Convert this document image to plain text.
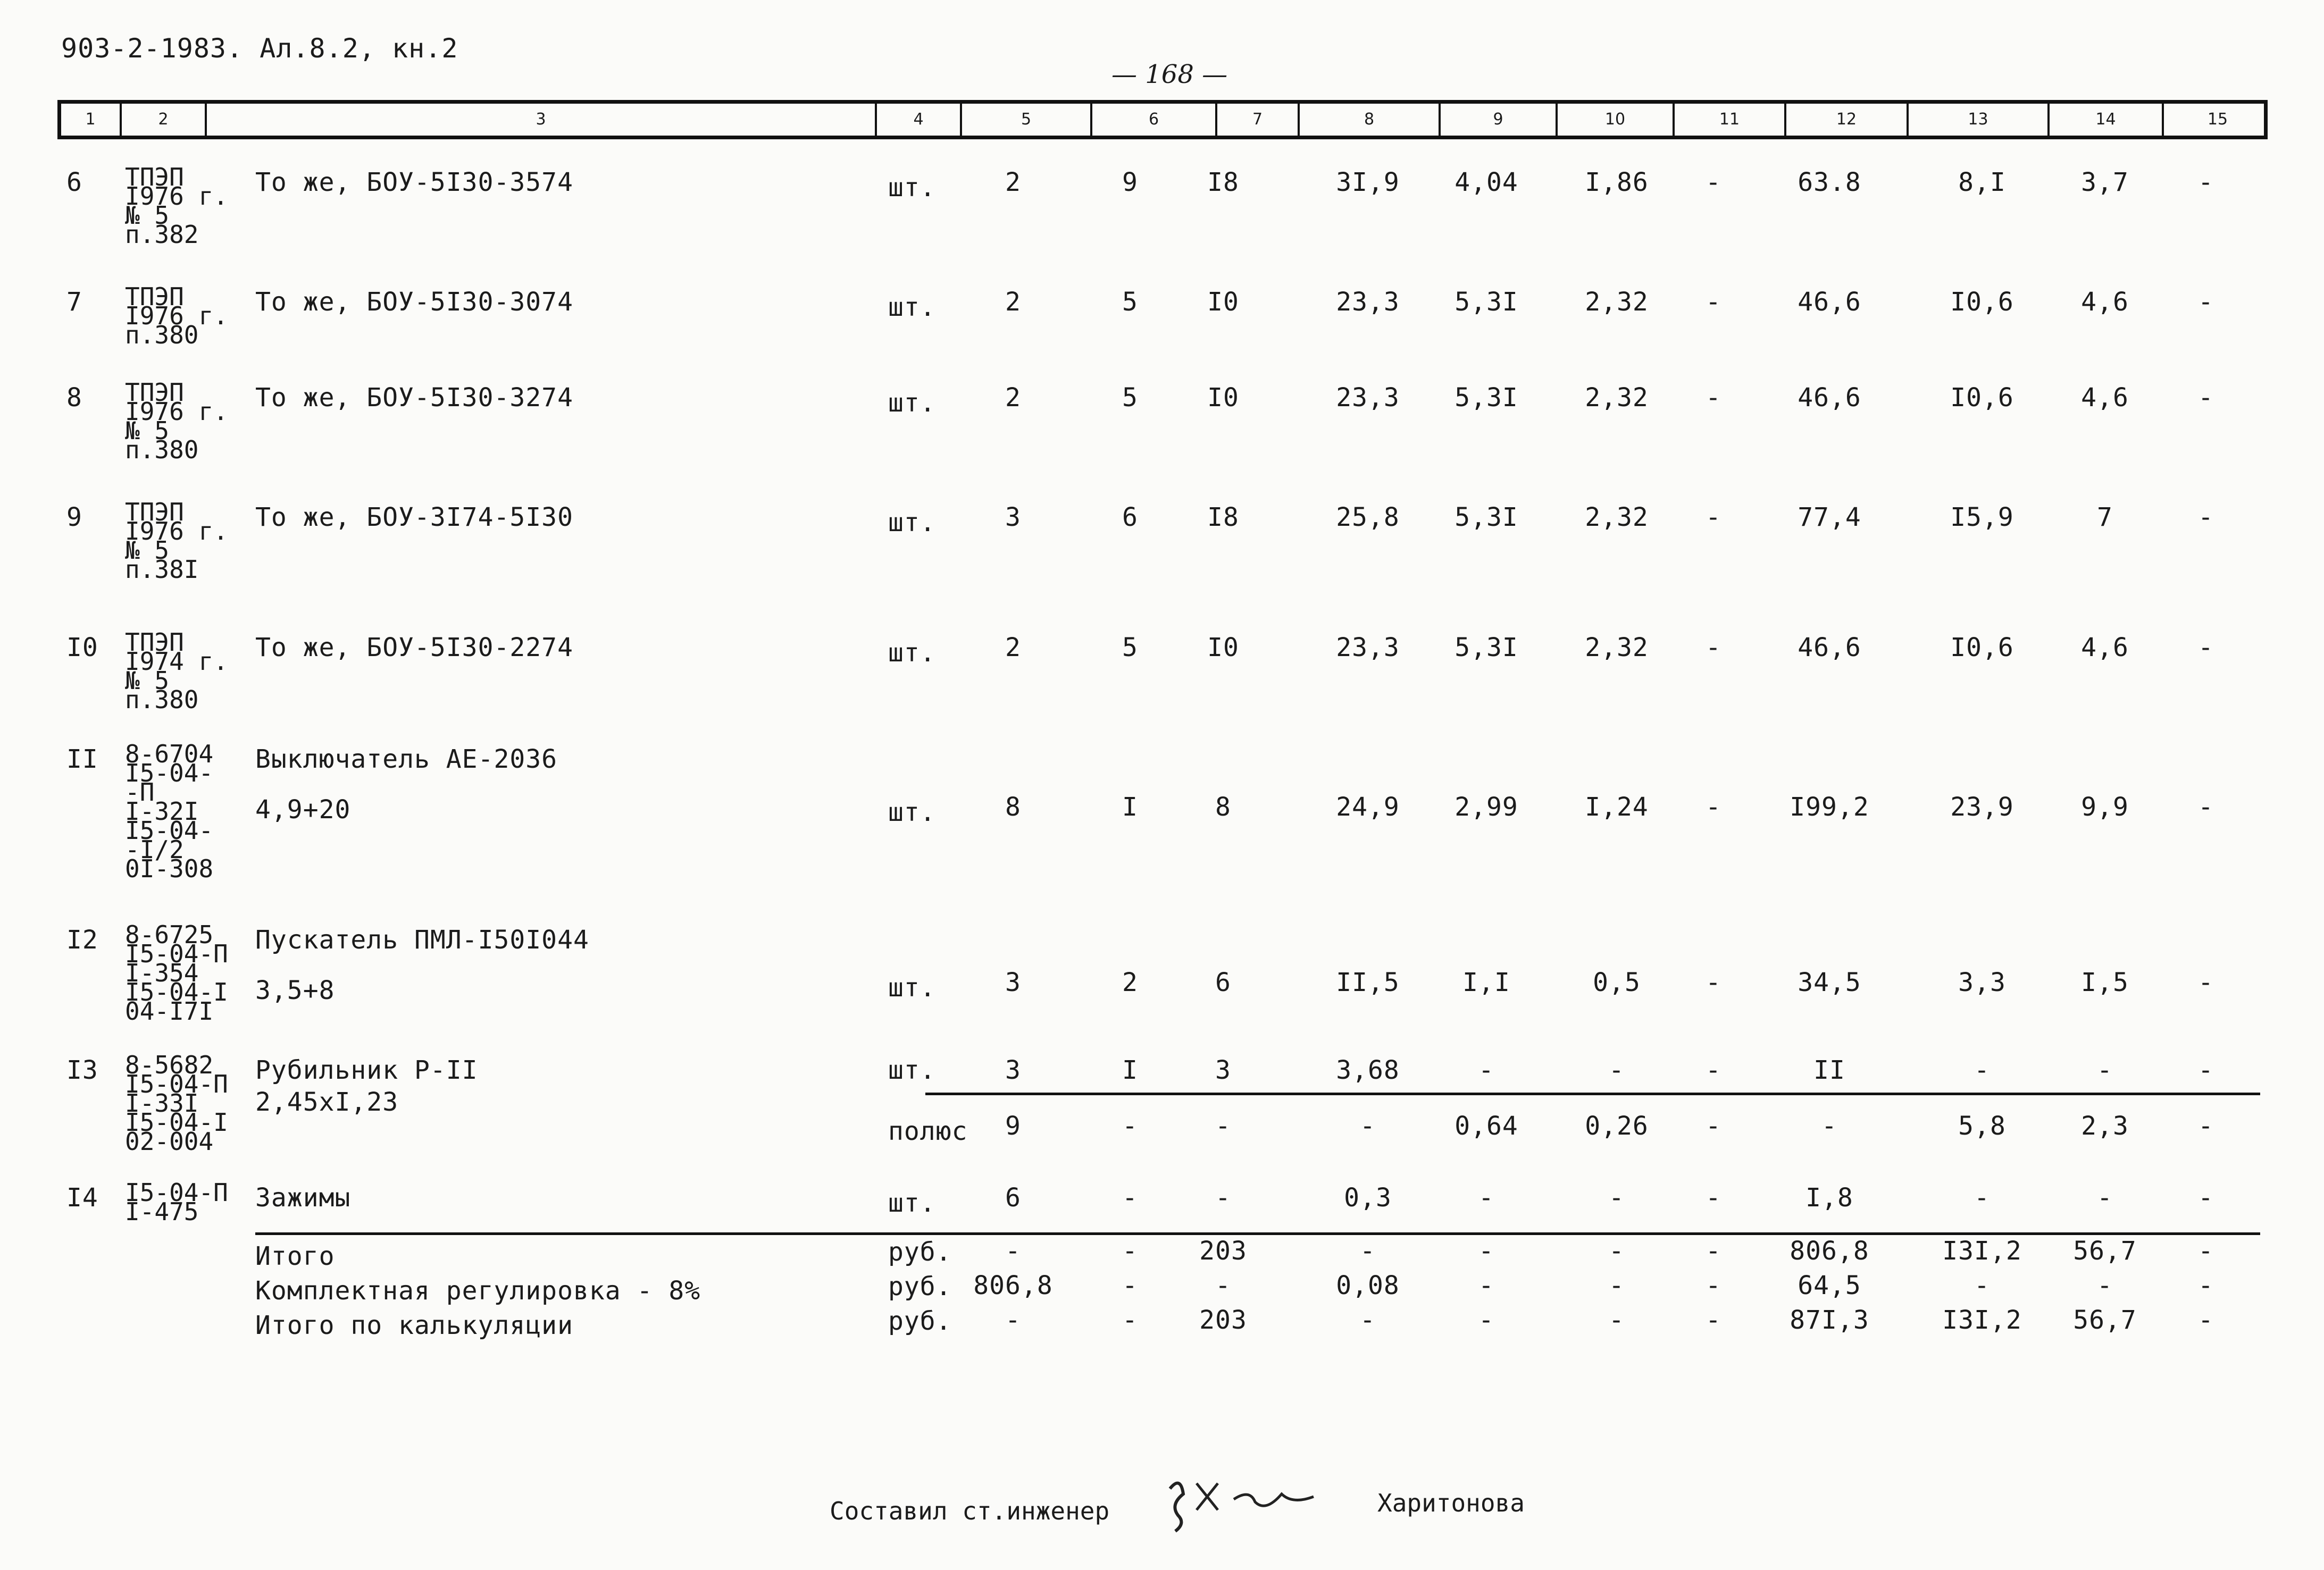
903-2-1983. Ал.8.2, кн.2
— 168 —
1	2	3	4	5	6	7	8	9	10	11	12	13	14	15
6 ТПЭП
I976 г.
№ 5
п.382
То же, БОУ-5I30-3574	шт.	2	9	I8	3I,9	4,04	I,86	-	63.8	8,I	3,7	-
7 ТПЭП
I976 г.
п.380
То же, БОУ-5I30-3074	шт.	2	5	I0	23,3	5,3I	2,32	-	46,6	I0,6	4,6	-
8 ТПЭП
I976 г.
№ 5
п.380
То же, БОУ-5I30-3274	шт.	2	5	I0	23,3	5,3I	2,32	-	46,6	I0,6	4,6	-
9 ТПЭП
I976 г.
№ 5
п.38I
То же, БОУ-3I74-5I30	шт.	3	6	I8	25,8	5,3I	2,32	-	77,4	I5,9	7	-
I0 ТПЭП
I974 г.
№ 5
п.380
То же, БОУ-5I30-2274	шт.	2	5	I0	23,3	5,3I	2,32	-	46,6	I0,6	4,6	-
II 8-6704
I5-04-
-П
I-32I
I5-04-
-I/2
0I-308
Выключатель АЕ-2036
4,9+20	шт.	8	I	8	24,9	2,99	I,24	-	I99,2	23,9	9,9	-
I2 8-6725
I5-04-П
I-354
I5-04-I
04-I7I
Пускатель ПМЛ-I50I044
3,5+8	шт.	3	2	6	II,5	I,I	0,5	-	34,5	3,3	I,5	-
I3 8-5682
I5-04-П
I-33I
I5-04-I
02-004
Рубильник Р-II
2,45xI,23
шт.	3	I	3	3,68	-	-	-	II	-	-	-
полюс	9	-	-	-	0,64	0,26	-	-	5,8	2,3	-
I4 I5-04-П
I-475	Зажимы	шт.	6	-	-	0,3	-	-	-	I,8	-	-	-
Итого	руб.	-	-	203	-	-	-	-	806,8	I3I,2	56,7	-
Комплектная регулировка - 8%	руб. 806,8	-	-	0,08	-	-	-	64,5	-	-	-
Итого по калькуляции	руб.	-	-	203	-	-	-	-	87I,3	I3I,2	56,7	-
Составил ст.инженер	Харитонова
